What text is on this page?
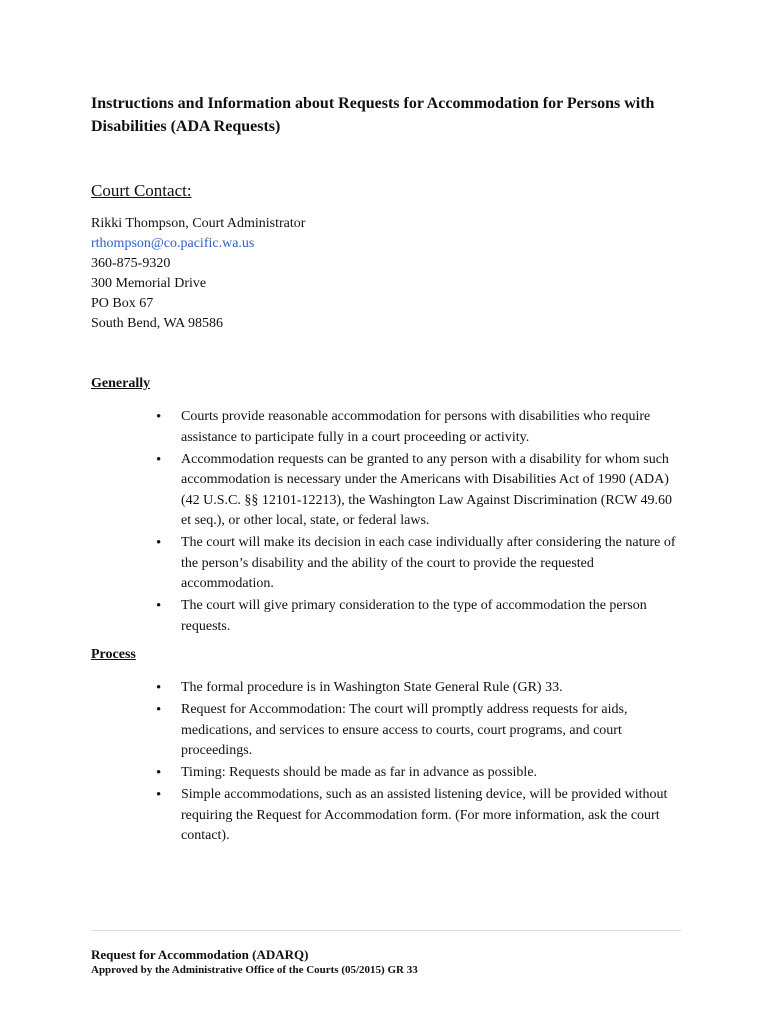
Instructions and Information about Requests for Accommodation for Persons with Disabilities (ADA Requests)
Court Contact:
Rikki Thompson, Court Administrator
rthompson@co.pacific.wa.us
360-875-9320
300 Memorial Drive
PO Box 67
South Bend, WA 98586
Generally
• Courts provide reasonable accommodation for persons with disabilities who require assistance to participate fully in a court proceeding or activity.
• Accommodation requests can be granted to any person with a disability for whom such accommodation is necessary under the Americans with Disabilities Act of 1990 (ADA) (42 U.S.C. §§ 12101-12213), the Washington Law Against Discrimination (RCW 49.60 et seq.), or other local, state, or federal laws.
• The court will make its decision in each case individually after considering the nature of the person’s disability and the ability of the court to provide the requested accommodation.
• The court will give primary consideration to the type of accommodation the person requests.
Process
• The formal procedure is in Washington State General Rule (GR) 33.
• Request for Accommodation: The court will promptly address requests for aids, medications, and services to ensure access to courts, court programs, and court proceedings.
• Timing: Requests should be made as far in advance as possible.
• Simple accommodations, such as an assisted listening device, will be provided without requiring the Request for Accommodation form. (For more information, ask the court contact).
Request for Accommodation (ADARQ)
Approved by the Administrative Office of the Courts (05/2015) GR 33
